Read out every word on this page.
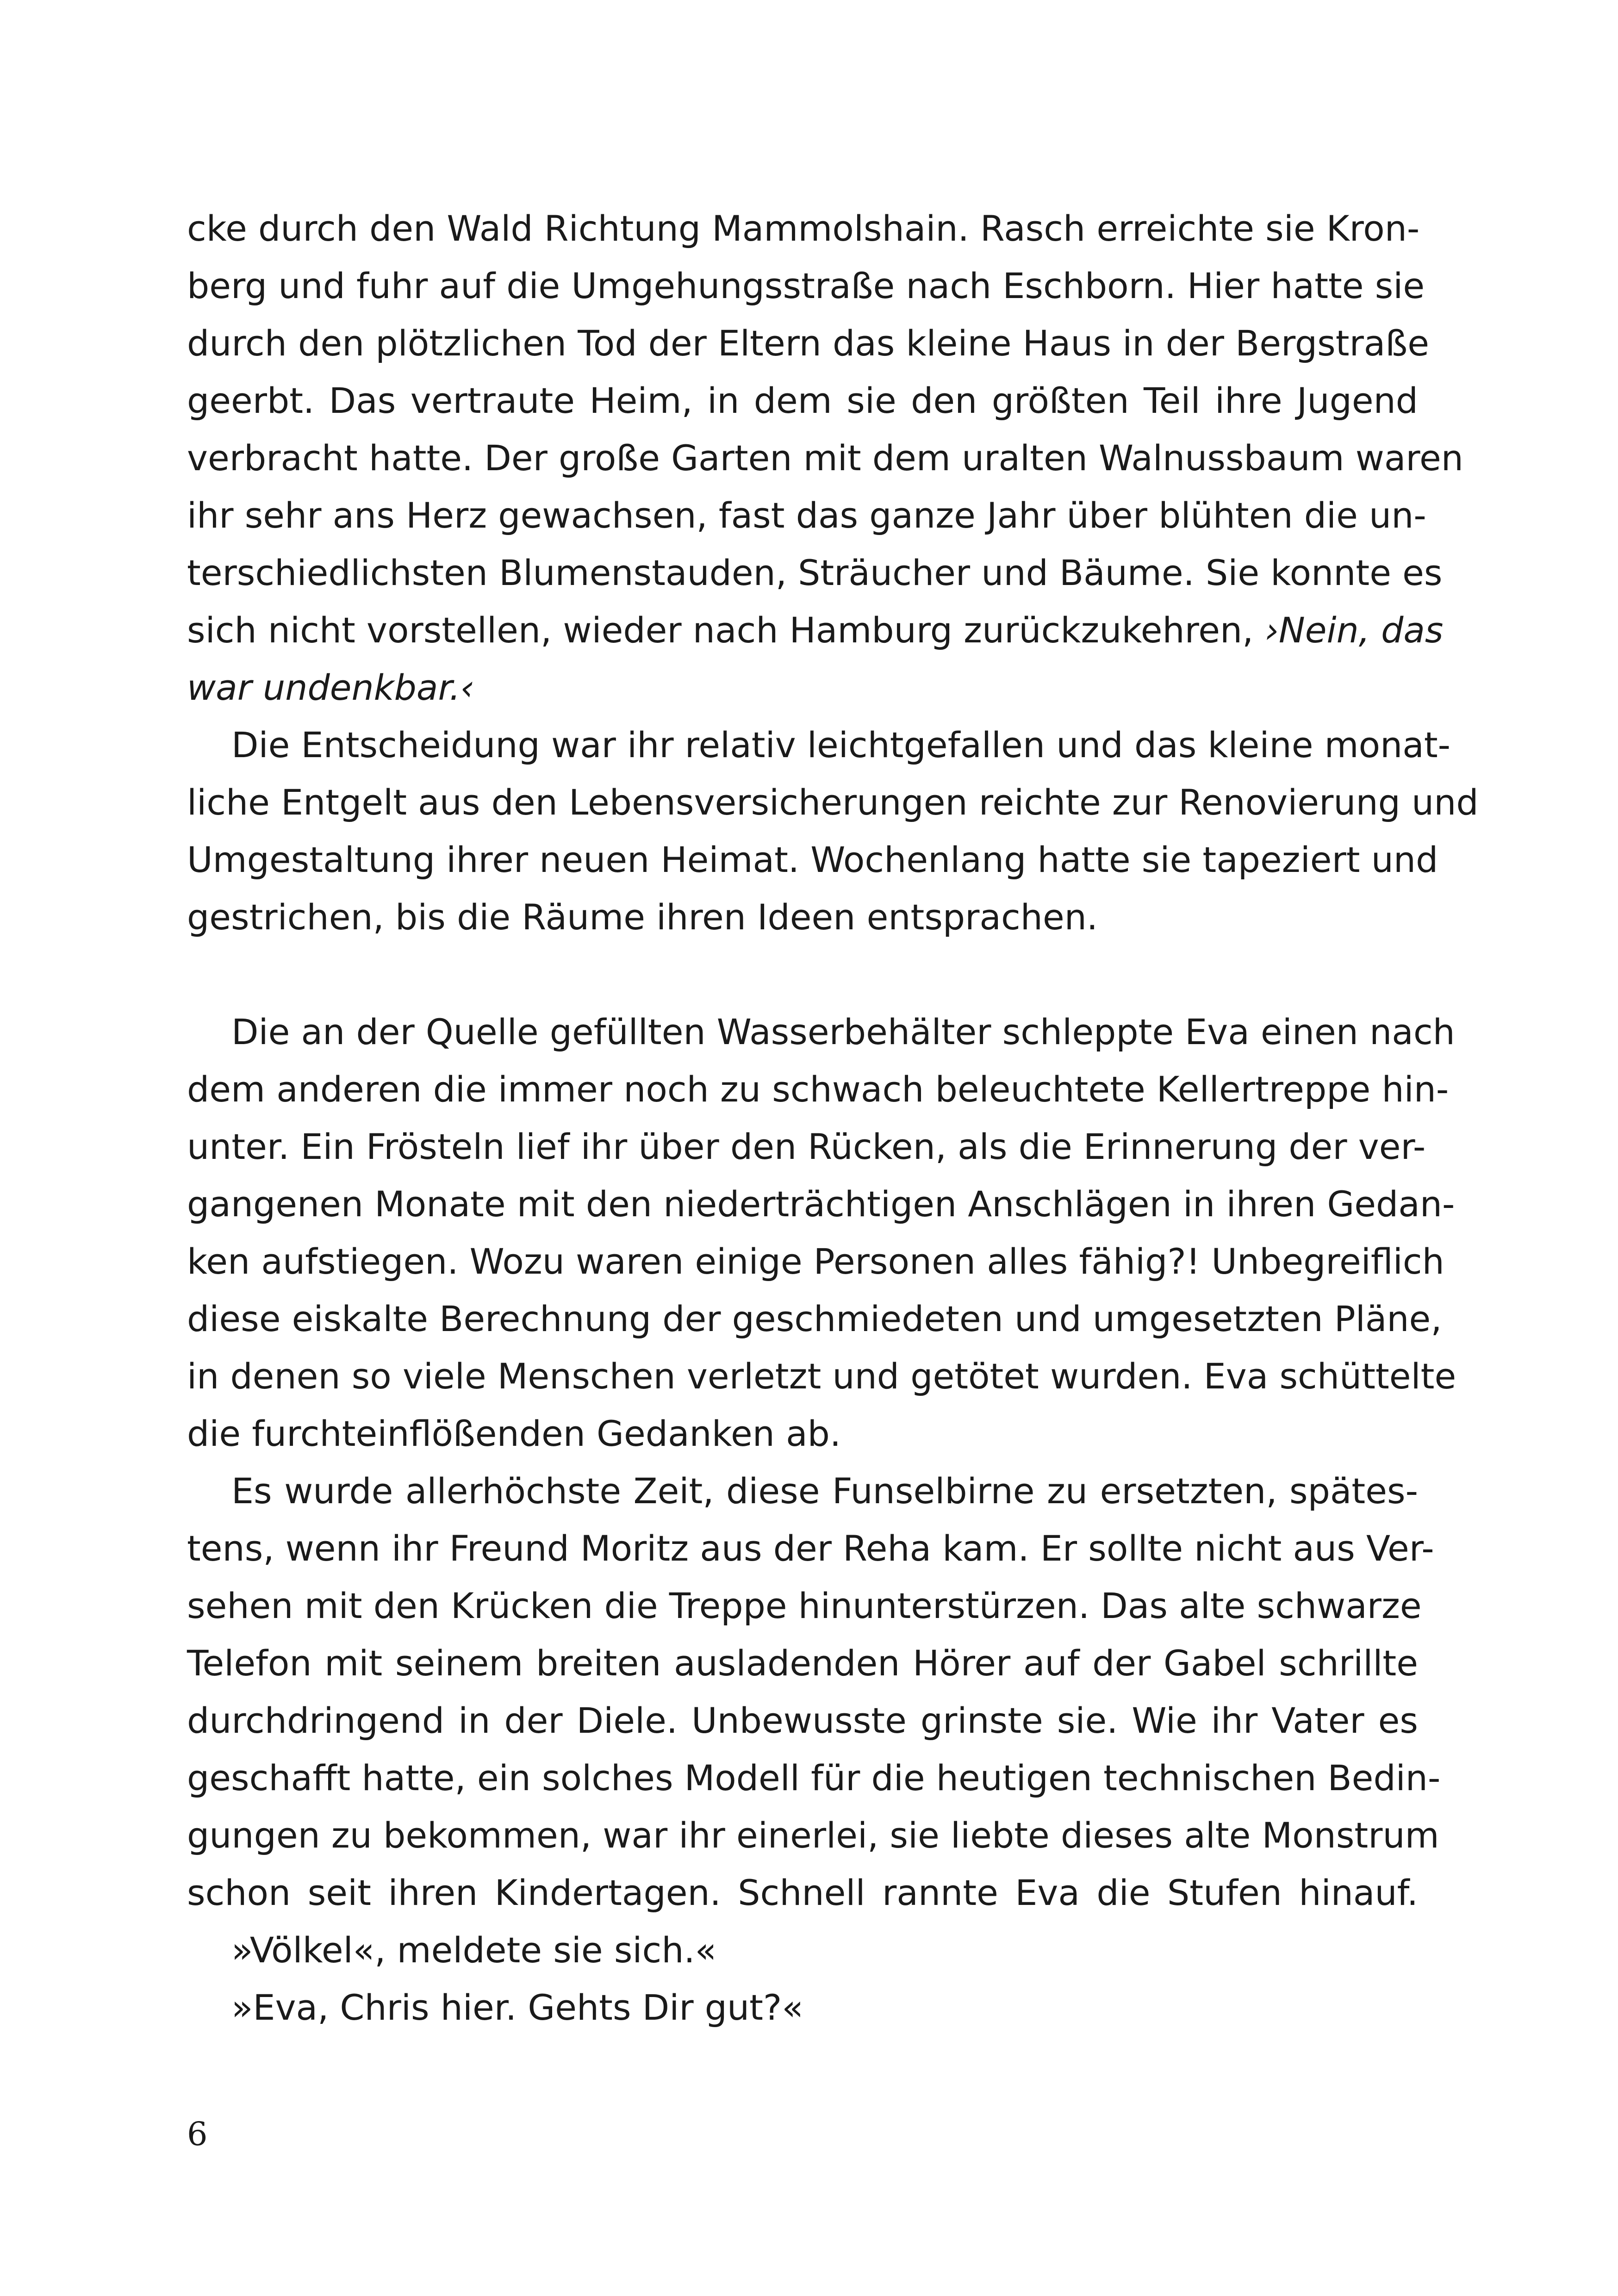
cke durch den Wald Richtung Mammolshain. Rasch erreichte sie Kron-
berg und fuhr auf die Umgehungsstraße nach Eschborn. Hier hatte sie
durch den plötzlichen Tod der Eltern das kleine Haus in der Bergstraße
geerbt. Das vertraute Heim, in dem sie den größten Teil ihre Jugend
verbracht hatte. Der große Garten mit dem uralten Walnussbaum waren
ihr sehr ans Herz gewachsen, fast das ganze Jahr über blühten die un-
terschiedlichsten Blumenstauden, Sträucher und Bäume. Sie konnte es
sich nicht vorstellen, wieder nach Hamburg zurückzukehren, ›Nein, das
war undenkbar.‹
Die Entscheidung war ihr relativ leichtgefallen und das kleine monat-
liche Entgelt aus den Lebensversicherungen reichte zur Renovierung und
Umgestaltung ihrer neuen Heimat. Wochenlang hatte sie tapeziert und
gestrichen, bis die Räume ihren Ideen entsprachen.
Die an der Quelle gefüllten Wasserbehälter schleppte Eva einen nach
dem anderen die immer noch zu schwach beleuchtete Kellertreppe hin-
unter. Ein Frösteln lief ihr über den Rücken, als die Erinnerung der ver-
gangenen Monate mit den niederträchtigen Anschlägen in ihren Gedan-
ken aufstiegen. Wozu waren einige Personen alles fähig?! Unbegreiflich
diese eiskalte Berechnung der geschmiedeten und umgesetzten Pläne,
in denen so viele Menschen verletzt und getötet wurden. Eva schüttelte
die furchteinflößenden Gedanken ab.
Es wurde allerhöchste Zeit, diese Funselbirne zu ersetzten, spätes-
tens, wenn ihr Freund Moritz aus der Reha kam. Er sollte nicht aus Ver-
sehen mit den Krücken die Treppe hinunterstürzen. Das alte schwarze
Telefon mit seinem breiten ausladenden Hörer auf der Gabel schrillte
durchdringend in der Diele. Unbewusste grinste sie. Wie ihr Vater es
geschafft hatte, ein solches Modell für die heutigen technischen Bedin-
gungen zu bekommen, war ihr einerlei, sie liebte dieses alte Monstrum
schon seit ihren Kindertagen. Schnell rannte Eva die Stufen hinauf.
»Völkel«, meldete sie sich.«
»Eva, Chris hier. Gehts Dir gut?«
6
